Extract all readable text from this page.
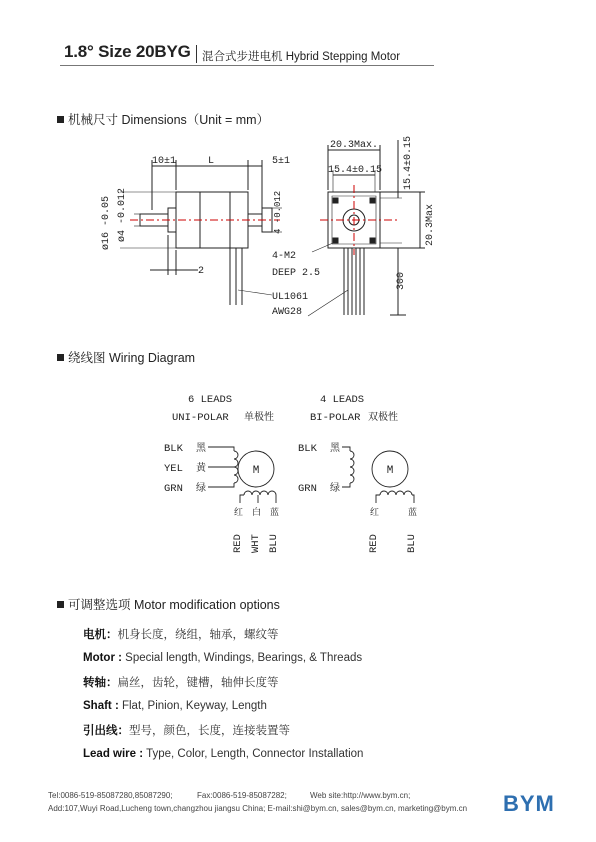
1.8° Size 20BYG 混合式步进电机 Hybrid Stepping Motor
机械尺寸 Dimensions（Unit = mm）
10±1	L	5±1
ø16 -0.05 ø4 -0.012	4 -0.012
2
20.3Max.
15.4±0.15 15.4±0.15
20.3Max
300
4-M2
DEEP 2.5
UL1061
AWG28
绕线图 Wiring Diagram
6 LEADS
UNI-POLAR 单极性
BLK 黑
YEL 黄
GRN 绿
M
RED WHT BLU
红 白 蓝
4 LEADS
BI-POLAR 双极性
BLK 黑
GRN 绿
M
RED BLU
红	蓝
可调整选项 Motor modification options
电机：机身长度，绕组，轴承，螺纹等
Motor : Special length, Windings, Bearings, & Threads
转轴：扁丝，齿轮，键槽，轴伸长度等
Shaft : Flat, Pinion, Keyway, Length
引出线：型号，颜色，长度，连接装置等
Lead wire : Type, Color, Length, Connector Installation
Tel:0086-519-85087280,85087290;	Fax:0086-519-85087282;	Web site:http://www.bym.cn;
Add:107,Wuyi Road,Lucheng town,changzhou jiangsu China; E-mail:shi@bym.cn, sales@bym.cn, marketing@bym.cn BYM
